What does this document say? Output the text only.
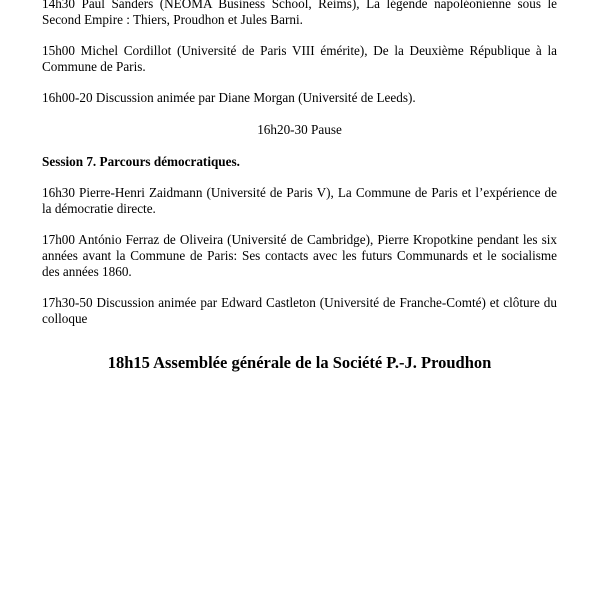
14h30 Paul Sanders (NEOMA Business School, Reims), La légende napoléonienne sous le Second Empire : Thiers, Proudhon et Jules Barni.

15h00 Michel Cordillot (Université de Paris VIII émérite), De la Deuxième République à la Commune de Paris.

16h00-20 Discussion animée par Diane Morgan (Université de Leeds).

16h20-30 Pause

Session 7. Parcours démocratiques.

16h30 Pierre-Henri Zaidmann (Université de Paris V), La Commune de Paris et l’expérience de la démocratie directe.

17h00 António Ferraz de Oliveira (Université de Cambridge), Pierre Kropotkine pendant les six années avant la Commune de Paris: Ses contacts avec les futurs Communards et le socialisme des années 1860.

17h30-50 Discussion animée par Edward Castleton (Université de Franche-Comté) et clôture du colloque

18h15 Assemblée générale de la Société P.-J. Proudhon
